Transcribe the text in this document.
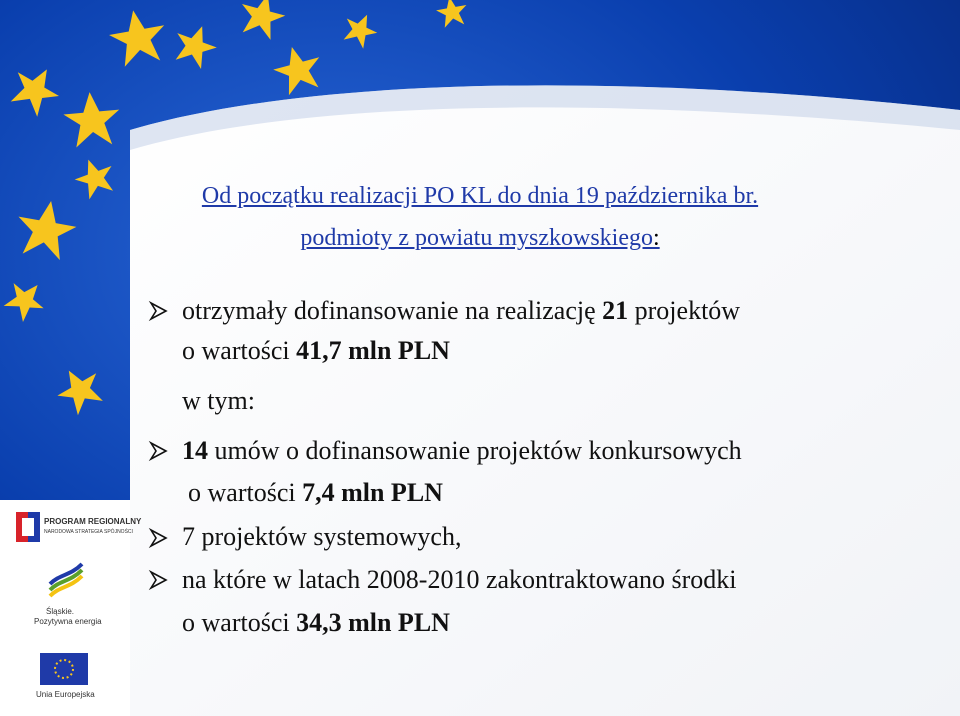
PROGRAM REGIONALNY
NARODOWA STRATEGIA SPÓJNOŚCI
Śląskie.
Pozytywna energia
Unia Europejska
Od początku realizacji PO KL do dnia 19 października br.
podmioty z powiatu myszkowskiego:
otrzymały dofinansowanie na realizację 21 projektów
o wartości 41,7 mln PLN
w tym:
14 umów o dofinansowanie projektów konkursowych
o wartości 7,4 mln PLN
7 projektów systemowych,
na które w latach 2008-2010 zakontraktowano środki
o wartości 34,3 mln PLN
